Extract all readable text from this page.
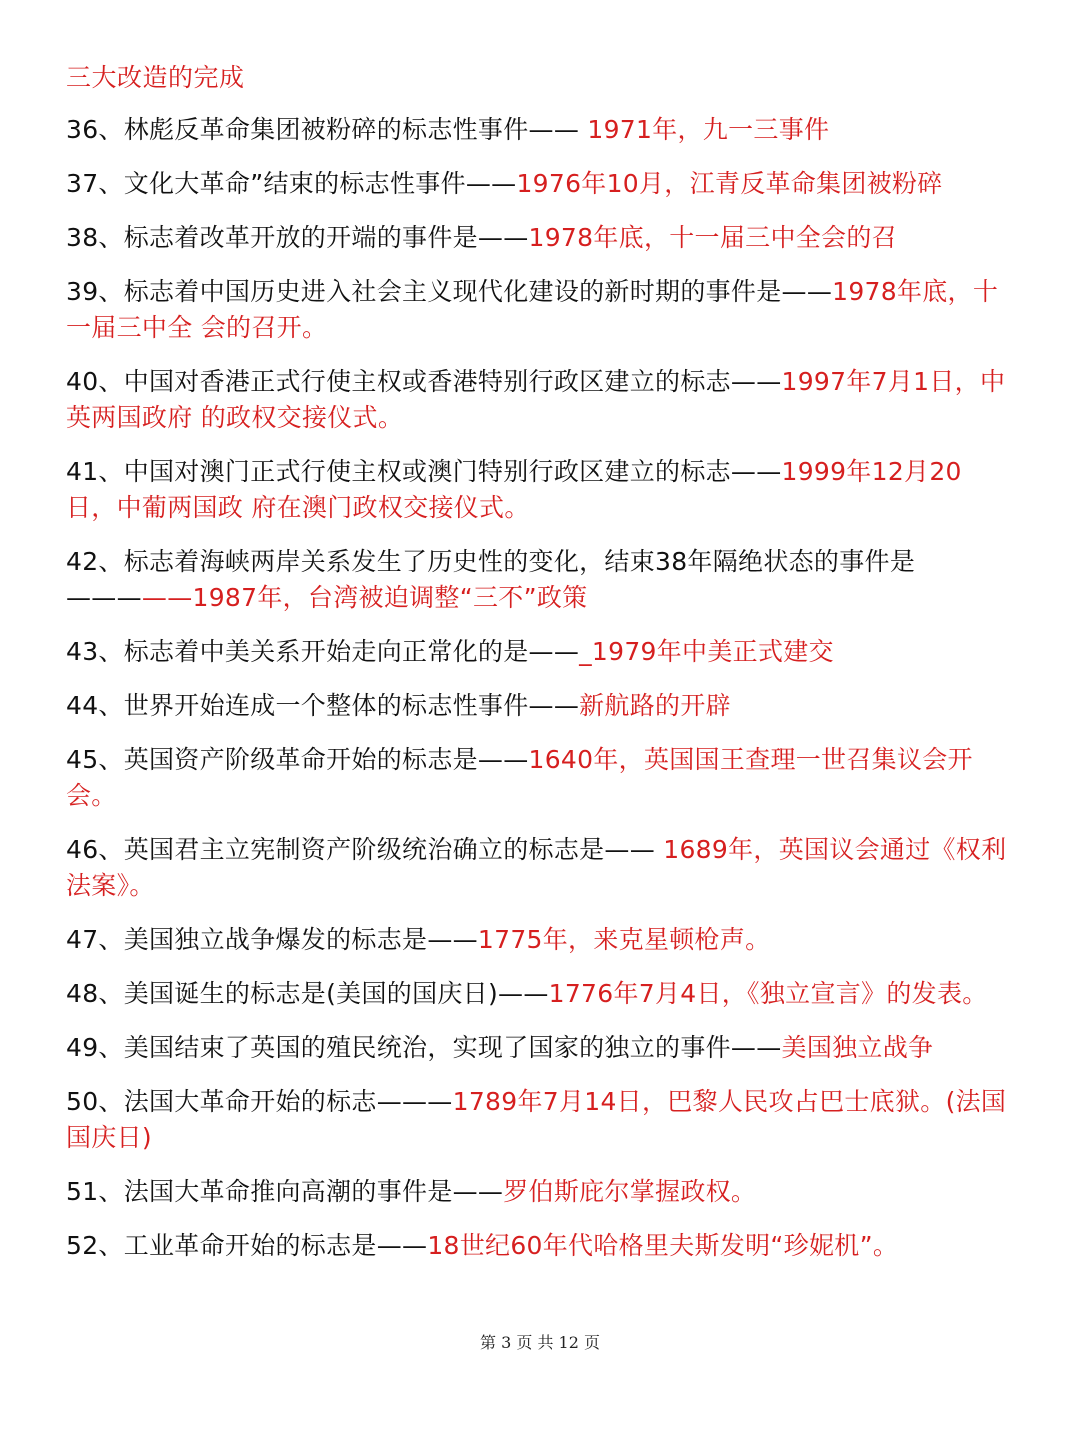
三大改造的完成
36、林彪反革命集团被粉碎的标志性事件—— 1971年，九一三事件
37、文化大革命”结束的标志性事件——1976年10月，江青反革命集团被粉碎
38、标志着改革开放的开端的事件是——1978年底，十一届三中全会的召
39、标志着中国历史进入社会主义现代化建设的新时期的事件是——1978年底，十一届三中全 会的召开。
40、中国对香港正式行使主权或香港特别行政区建立的标志——1997年7月1日，中英两国政府 的政权交接仪式。
41、中国对澳门正式行使主权或澳门特别行政区建立的标志——1999年12月20日，中葡两国政 府在澳门政权交接仪式。
42、标志着海峡两岸关系发生了历史性的变化，结束38年隔绝状态的事件是—————1987年，台湾被迫调整“三不”政策
43、标志着中美关系开始走向正常化的是——_1979年中美正式建交
44、世界开始连成一个整体的标志性事件——新航路的开辟
45、英国资产阶级革命开始的标志是——1640年，英国国王查理一世召集议会开会。
46、英国君主立宪制资产阶级统治确立的标志是—— 1689年，英国议会通过《权利法案》。
47、美国独立战争爆发的标志是——1775年，来克星顿枪声。
48、美国诞生的标志是(美国的国庆日)——1776年7月4日，《独立宣言》的发表。
49、美国结束了英国的殖民统治，实现了国家的独立的事件——美国独立战争
50、法国大革命开始的标志———1789年7月14日，巴黎人民攻占巴士底狱。(法国国庆日)
51、法国大革命推向高潮的事件是——罗伯斯庇尔掌握政权。
52、工业革命开始的标志是——18世纪60年代哈格里夫斯发明“珍妮机”。
第 3 页 共 12 页
